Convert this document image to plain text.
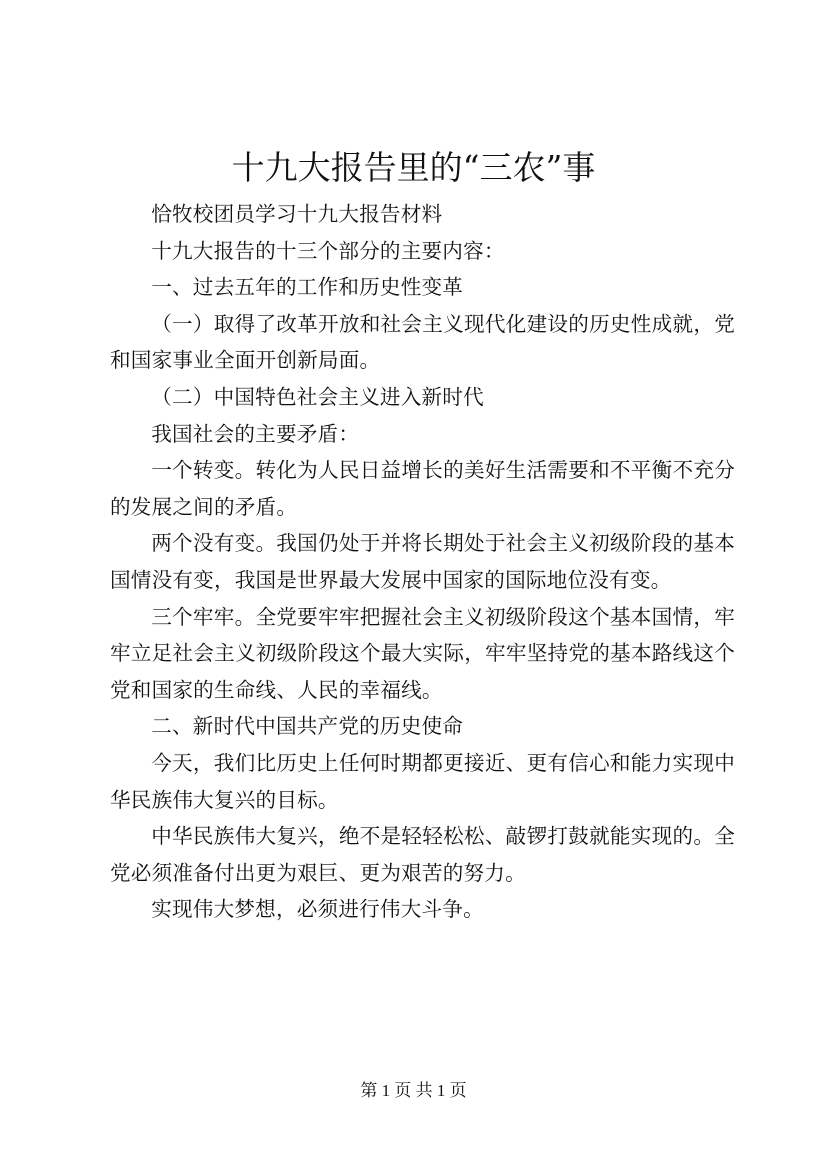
十九大报告里的“三农”事

恰牧校团员学习十九大报告材料

十九大报告的十三个部分的主要内容：

一、过去五年的工作和历史性变革

（一）取得了改革开放和社会主义现代化建设的历史性成就，党和国家事业全面开创新局面。

（二）中国特色社会主义进入新时代

我国社会的主要矛盾：

一个转变。转化为人民日益增长的美好生活需要和不平衡不充分的发展之间的矛盾。

两个没有变。我国仍处于并将长期处于社会主义初级阶段的基本国情没有变，我国是世界最大发展中国家的国际地位没有变。

三个牢牢。全党要牢牢把握社会主义初级阶段这个基本国情，牢牢立足社会主义初级阶段这个最大实际，牢牢坚持党的基本路线这个党和国家的生命线、人民的幸福线。

二、新时代中国共产党的历史使命

今天，我们比历史上任何时期都更接近、更有信心和能力实现中华民族伟大复兴的目标。

中华民族伟大复兴，绝不是轻轻松松、敲锣打鼓就能实现的。全党必须准备付出更为艰巨、更为艰苦的努力。

实现伟大梦想，必须进行伟大斗争。

第 1 页 共 1 页
